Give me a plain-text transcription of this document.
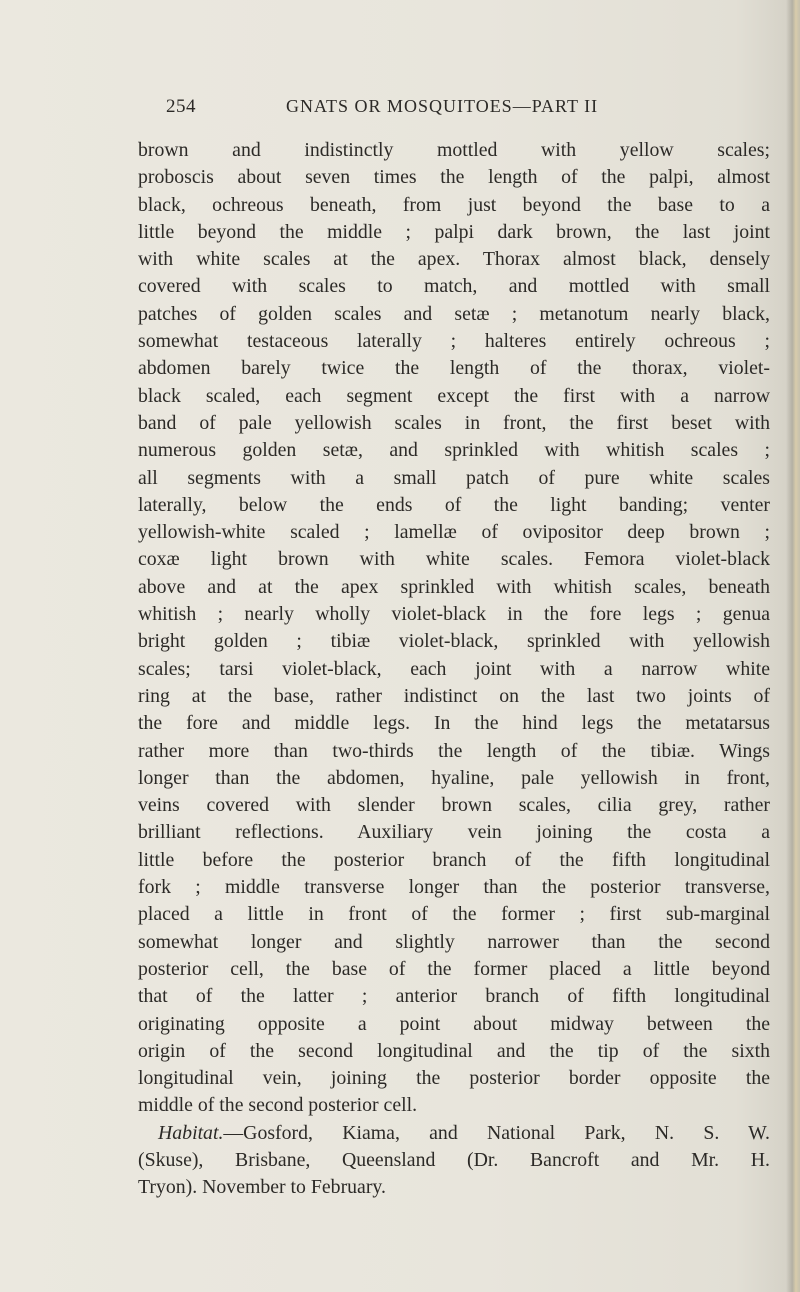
254	GNATS OR MOSQUITOES—PART II
brown and indistinctly mottled with yellow scales;
proboscis about seven times the length of the palpi, almost
black, ochreous beneath, from just beyond the base to a
little beyond the middle ; palpi dark brown, the last joint
with white scales at the apex. Thorax almost black, densely
covered with scales to match, and mottled with small
patches of golden scales and setæ ; metanotum nearly black,
somewhat testaceous laterally ; halteres entirely ochreous ;
abdomen barely twice the length of the thorax, violet-
black scaled, each segment except the first with a narrow
band of pale yellowish scales in front, the first beset with
numerous golden setæ, and sprinkled with whitish scales ;
all segments with a small patch of pure white scales
laterally, below the ends of the light banding; venter
yellowish-white scaled ; lamellæ of ovipositor deep brown ;
coxæ light brown with white scales. Femora violet-black
above and at the apex sprinkled with whitish scales, beneath
whitish ; nearly wholly violet-black in the fore legs ; genua
bright golden ; tibiæ violet-black, sprinkled with yellowish
scales; tarsi violet-black, each joint with a narrow white
ring at the base, rather indistinct on the last two joints of
the fore and middle legs. In the hind legs the metatarsus
rather more than two-thirds the length of the tibiæ. Wings
longer than the abdomen, hyaline, pale yellowish in front,
veins covered with slender brown scales, cilia grey, rather
brilliant reflections. Auxiliary vein joining the costa a
little before the posterior branch of the fifth longitudinal
fork ; middle transverse longer than the posterior transverse,
placed a little in front of the former ; first sub-marginal
somewhat longer and slightly narrower than the second
posterior cell, the base of the former placed a little beyond
that of the latter ; anterior branch of fifth longitudinal
originating opposite a point about midway between the
origin of the second longitudinal and the tip of the sixth
longitudinal vein, joining the posterior border opposite the
middle of the second posterior cell.
Habitat.—Gosford, Kiama, and National Park, N. S. W.
(Skuse), Brisbane, Queensland (Dr. Bancroft and Mr. H.
Tryon). November to February.
